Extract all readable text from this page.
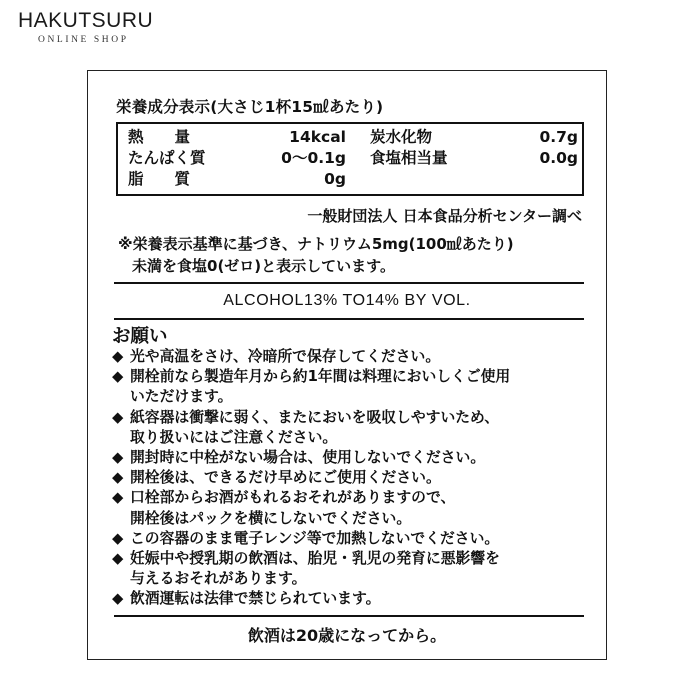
HAKUTSURU
ONLINE SHOP
栄養成分表示(大さじ1杯15㎖あたり)
熱　　量	14kcal 炭水化物	0.7g
たんぱく質	0〜0.1g 食塩相当量	0.0g
脂　　質	0g
一般財団法人 日本食品分析センター調べ
※栄養表示基準に基づき、ナトリウム5mg(100㎖あたり)
未満を食塩0(ゼロ)と表示しています。
ALCOHOL13% TO14% BY VOL.
お願い
◆ 光や高温をさけ、冷暗所で保存してください。
◆ 開栓前なら製造年月から約1年間は料理においしくご使用
いただけます。
◆ 紙容器は衝撃に弱く、またにおいを吸収しやすいため、
取り扱いにはご注意ください。
◆ 開封時に中栓がない場合は、使用しないでください。
◆ 開栓後は、できるだけ早めにご使用ください。
◆ 口栓部からお酒がもれるおそれがありますので、
開栓後はパックを横にしないでください。
◆ この容器のまま電子レンジ等で加熱しないでください。
◆ 妊娠中や授乳期の飲酒は、胎児・乳児の発育に悪影響を
与えるおそれがあります。
◆ 飲酒運転は法律で禁じられています。
飲酒は20歳になってから。
